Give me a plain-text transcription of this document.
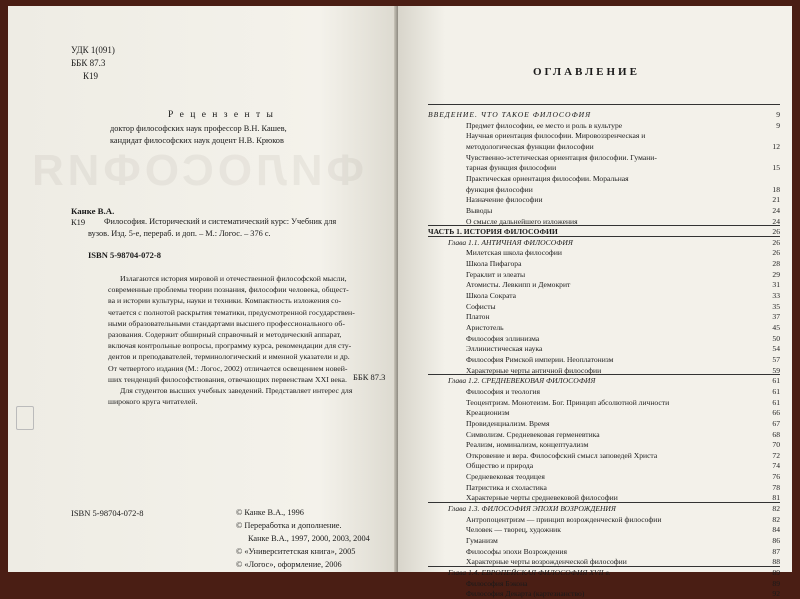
ФИЛОСОФИЯ
УДК 1(091)
ББК 87.3
К19
Р е ц е н з е н т ы
доктор философских наук профессор В.Н. Кашев,
кандидат философских наук доцент Н.В. Крюков
Канке В.А.
К19 Философия. Исторический и систематический курс: Учебник для
вузов. Изд. 5-е, перераб. и доп. – М.: Логос. – 376 с.
ISBN 5-98704-072-8
Излагаются история мировой и отечественной философской мысли,
современные проблемы теории познания, философии человека, общест-
ва и истории культуры, науки и техники. Компактность изложения со-
четается с полнотой раскрытия тематики, предусмотренной государствен-
ными образовательными стандартами высшего профессионального об-
разования. Содержит обширный справочный и методический аппарат,
включая контрольные вопросы, программу курса, рекомендации для сту-
дентов и преподавателей, терминологический и именной указатели и др.
От четвертого издания (М.: Логос, 2002) отличается освещением новей-
ших тенденций философствования, отвечающих первенствам XXI века.
Для студентов высших учебных заведений. Представляет интерес для
широкого круга читателей.
ББК 87.3
ISBN 5-98704-072-8	© Канке В.А., 1996
© Переработка и дополнение.
Канке В.А., 1997, 2000, 2003, 2004
© «Университетская книга», 2005
© «Логос», оформление, 2006
ОГЛАВЛЕНИЕ
ВВЕДЕНИЕ. ЧТО ТАКОЕ ФИЛОСОФИЯ	9
Предмет философии, ее место и роль в культуре	9
Научная ориентация философии. Мировоззренческая и
методологическая функции философии	12
Чувственно-эстетическая ориентация философии. Гумани-
тарная функция философии	15
Практическая ориентация философии. Моральная
функция философии	18
Назначение философии	21
Выводы	24
О смысле дальнейшего изложения	24
ЧАСТЬ 1. ИСТОРИЯ ФИЛОСОФИИ	26
Глава 1.1. АНТИЧНАЯ ФИЛОСОФИЯ	26
Милетская школа философии	26
Школа Пифагора	28
Гераклит и элеаты	29
Атомисты. Левкипп и Демокрит	31
Школа Сократа	33
Софисты	35
Платон	37
Аристотель	45
Философия эллинизма	50
Эллинистическая наука	54
Философия Римской империи. Неоплатонизм	57
Характерные черты античной философии	59
Глава 1.2. СРЕДНЕВЕКОВАЯ ФИЛОСОФИЯ	61
Философия и теология	61
Теоцентризм. Монотеизм. Бог. Принцип абсолютной личности	61
Креационизм	66
Провиденциализм. Время	67
Символизм. Средневековая герменевтика	68
Реализм, номинализм, концептуализм	70
Откровение и вера. Философский смысл заповедей Христа	72
Общество и природа	74
Средневековая теодицея	76
Патристика и схоластика	78
Характерные черты средневековой философии	81
Глава 1.3. ФИЛОСОФИЯ ЭПОХИ ВОЗРОЖДЕНИЯ	82
Антропоцентризм — принцип возрожденческой философии	82
Человек — творец, художник	84
Гуманизм	86
Философы эпохи Возрождения	87
Характерные черты возрожденческой философии	88
Глава 1.4. ЕВРОПЕЙСКАЯ ФИЛОСОФИЯ XVII в.	89
Философия Бэкона	89
Философия Декарта (картезианство)	92
